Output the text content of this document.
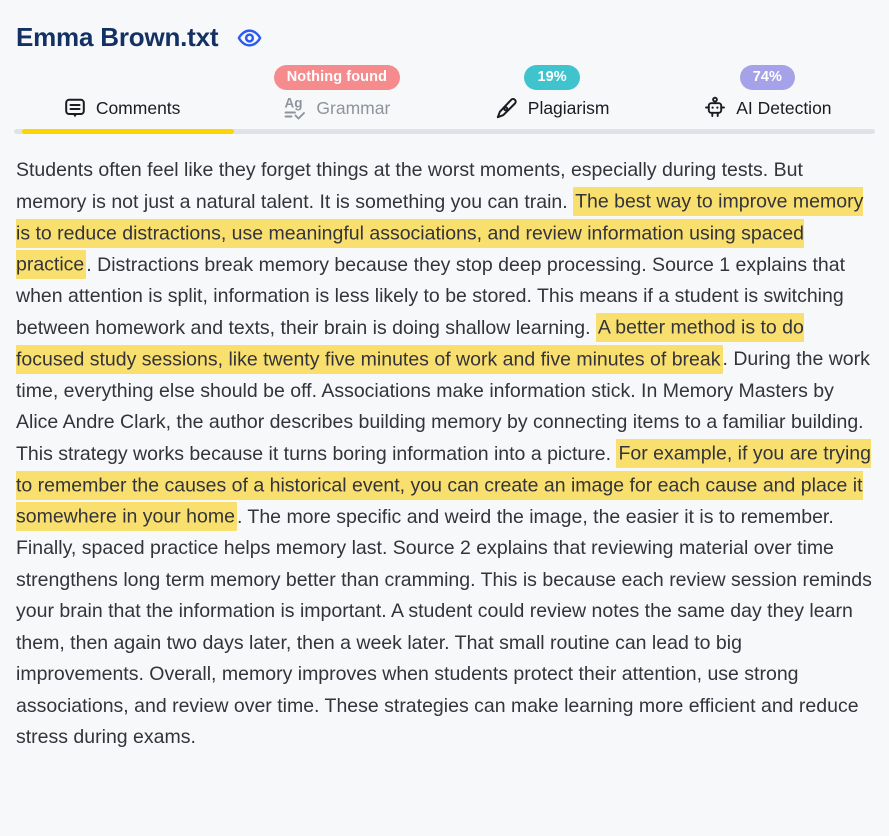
Emma Brown.txt
Comments
Nothing found
Ag Grammar
19%
Plagiarism
74%
AI Detection

Students often feel like they forget things at the worst moments, especially during tests. But memory is not just a natural talent. It is something you can train. The best way to improve memory is to reduce distractions, use meaningful associations, and review information using spaced practice . Distractions break memory because they stop deep processing. Source 1 explains that when attention is split, information is less likely to be stored. This means if a student is switching between homework and texts, their brain is doing shallow learning. A better method is to do focused study sessions, like twenty five minutes of work and five minutes of break . During the work time, everything else should be off. Associations make information stick. In Memory Masters by Alice Andre Clark, the author describes building memory by connecting items to a familiar building. This strategy works because it turns boring information into a picture. For example, if you are trying to remember the causes of a historical event, you can create an image for each cause and place it somewhere in your home . The more specific and weird the image, the easier it is to remember. Finally, spaced practice helps memory last. Source 2 explains that reviewing material over time strengthens long term memory better than cramming. This is because each review session reminds your brain that the information is important. A student could review notes the same day they learn them, then again two days later, then a week later. That small routine can lead to big improvements. Overall, memory improves when students protect their attention, use strong associations, and review over time. These strategies can make learning more efficient and reduce stress during exams.
